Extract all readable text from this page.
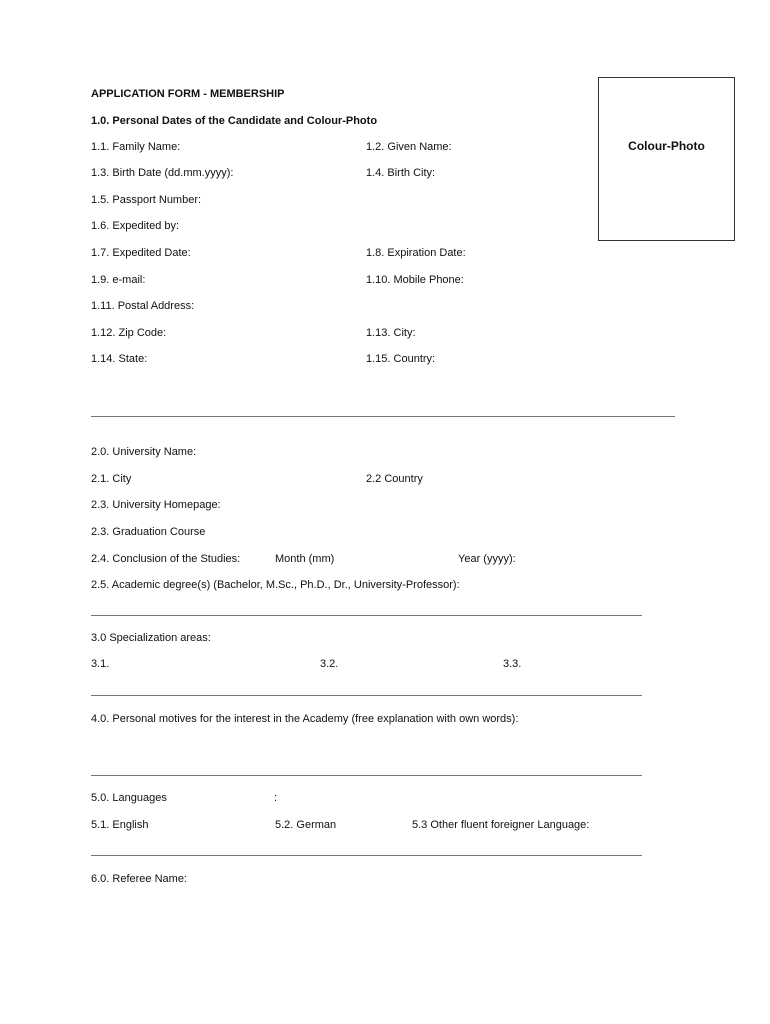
APPLICATION FORM - MEMBERSHIP
Colour-Photo
1.0. Personal Dates of the Candidate and Colour-Photo
1.1. Family Name:	1.2. Given Name:
1.3. Birth Date (dd.mm.yyyy):	1.4. Birth City:
1.5. Passport Number:
1.6. Expedited by:
1.7. Expedited Date:	1.8. Expiration Date:
1.9. e-mail:	1.10. Mobile Phone:
1.11. Postal Address:
1.12. Zip Code:	1.13. City:
1.14. State:	1.15. Country:
2.0. University Name:
2.1. City	2.2 Country
2.3. University Homepage:
2.3. Graduation Course
2.4. Conclusion of the Studies:	Month (mm)	Year (yyyy):
2.5. Academic degree(s) (Bachelor, M.Sc., Ph.D., Dr., University-Professor):
3.0 Specialization areas:
3.1.	3.2.	3.3.
4.0. Personal motives for the interest in the Academy (free explanation with own words):
5.0. Languages	:
5.1. English	5.2. German	5.3 Other fluent foreigner Language:
6.0. Referee Name:
